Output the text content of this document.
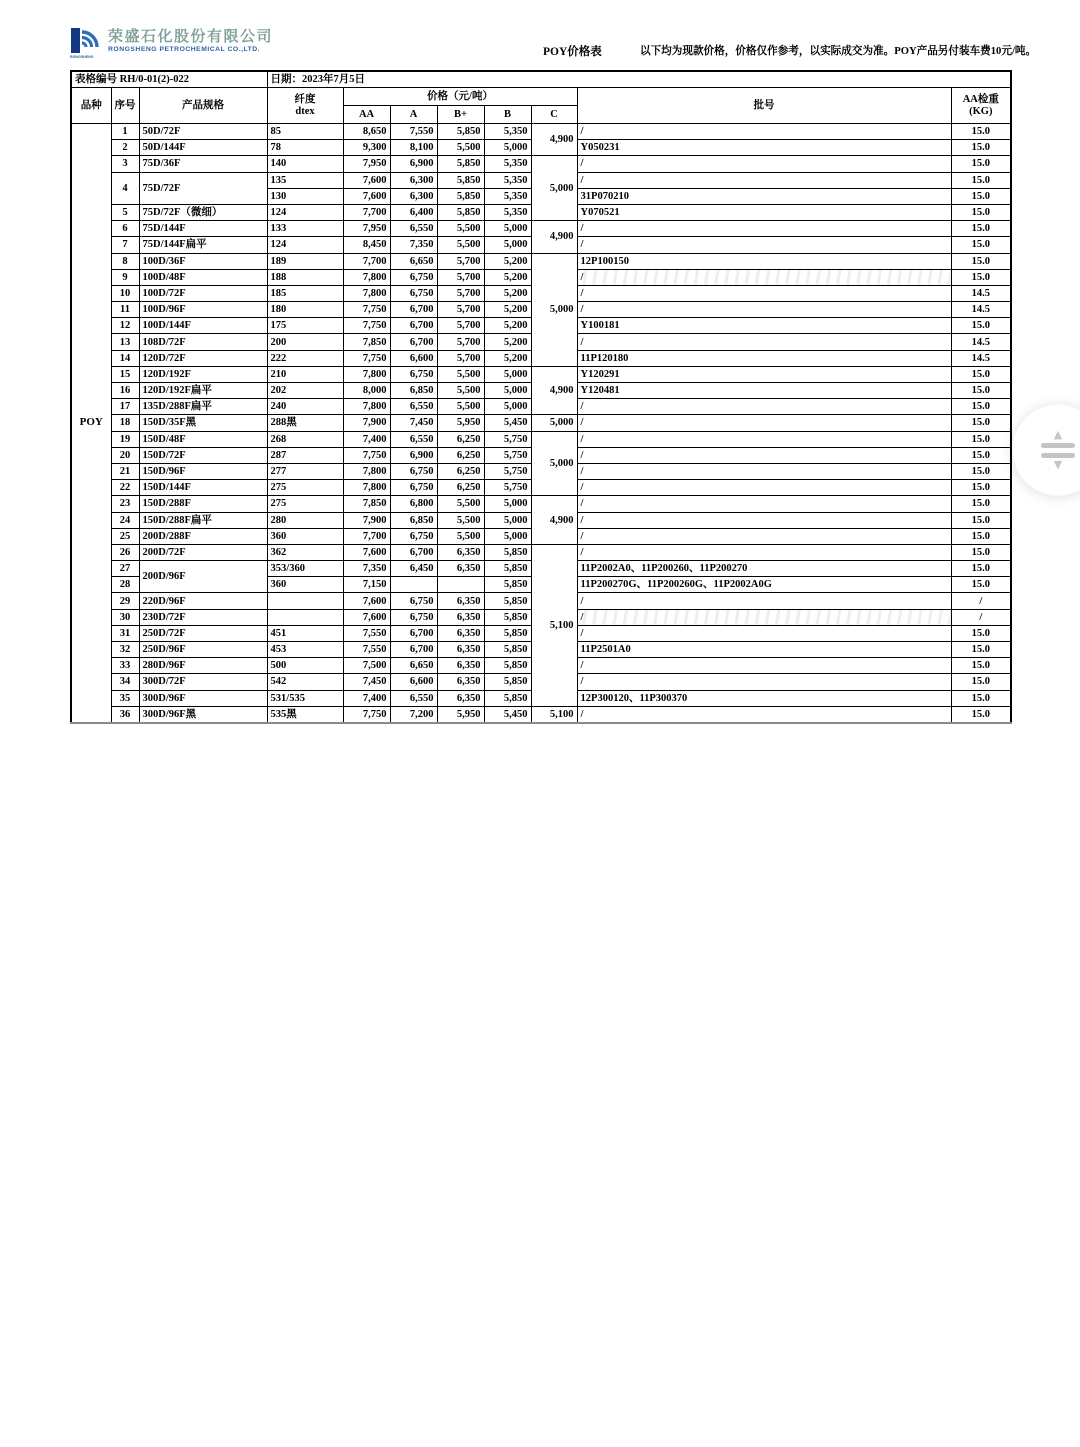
RONGSHENG
荣盛石化股份有限公司
RONGSHENG PETROCHEMICAL CO.,LTD.	POY价格表	以下均为现款价格，价格仅作参考，以实际成交为准。POY产品另付装车费10元/吨。
表格编号 RH/0-01(2)-022			日期：2023年7月5日							
品种	序号	产品规格	纤度
dtex	价格（元/吨）					批号	AA检重
(KG)
				AA	A	B+	B	C		
POY	1	50D/72F	85	8,650	7,550	5,850	5,350	4,900	/	15.0
	2	50D/144F	78	9,300	8,100	5,500	5,000		Y050231	15.0
	3	75D/36F	140	7,950	6,900	5,850	5,350	5,000	/	15.0
	4	75D/72F	135	7,600	6,300	5,850	5,350		/	15.0
			130	7,600	6,300	5,850	5,350		31P070210	15.0
	5	75D/72F（微细）	124	7,700	6,400	5,850	5,350		Y070521	15.0
	6	75D/144F	133	7,950	6,550	5,500	5,000	4,900	/	15.0
	7	75D/144F扁平	124	8,450	7,350	5,500	5,000		/	15.0
	8	100D/36F	189	7,700	6,650	5,700	5,200	5,000	12P100150	15.0
	9	100D/48F	188	7,800	6,750	5,700	5,200		/	15.0
	10	100D/72F	185	7,800	6,750	5,700	5,200		/	14.5
	11	100D/96F	180	7,750	6,700	5,700	5,200		/	14.5
	12	100D/144F	175	7,750	6,700	5,700	5,200		Y100181	15.0
	13	108D/72F	200	7,850	6,700	5,700	5,200		/	14.5
	14	120D/72F	222	7,750	6,600	5,700	5,200		11P120180	14.5
	15	120D/192F	210	7,800	6,750	5,500	5,000	4,900	Y120291	15.0
	16	120D/192F扁平	202	8,000	6,850	5,500	5,000		Y120481	15.0
	17	135D/288F扁平	240	7,800	6,550	5,500	5,000		/	15.0
	18	150D/35F黑	288黑	7,900	7,450	5,950	5,450	5,000	/	15.0
	19	150D/48F	268	7,400	6,550	6,250	5,750	5,000	/	15.0
	20	150D/72F	287	7,750	6,900	6,250	5,750		/	15.0
	21	150D/96F	277	7,800	6,750	6,250	5,750		/	15.0
	22	150D/144F	275	7,800	6,750	6,250	5,750		/	15.0
	23	150D/288F	275	7,850	6,800	5,500	5,000	4,900	/	15.0
	24	150D/288F扁平	280	7,900	6,850	5,500	5,000		/	15.0
	25	200D/288F	360	7,700	6,750	5,500	5,000		/	15.0
	26	200D/72F	362	7,600	6,700	6,350	5,850	5,100	/	15.0
	27	200D/96F	353/360	7,350	6,450	6,350	5,850		11P2002A0、11P200260、11P200270	15.0
	28		360	7,150			5,850		11P200270G、11P200260G、11P2002A0G	15.0
	29	220D/96F		7,600	6,750	6,350	5,850		/	/
	30	230D/72F		7,600	6,750	6,350	5,850		/	/
	31	250D/72F	451	7,550	6,700	6,350	5,850		/	15.0
	32	250D/96F	453	7,550	6,700	6,350	5,850		11P2501A0	15.0
	33	280D/96F	500	7,500	6,650	6,350	5,850		/	15.0
	34	300D/72F	542	7,450	6,600	6,350	5,850		/	15.0
	35	300D/96F	531/535	7,400	6,550	6,350	5,850		12P300120、11P300370	15.0
	36	300D/96F黑	535黑	7,750	7,200	5,950	5,450	5,100	/	15.0
▲
▼
